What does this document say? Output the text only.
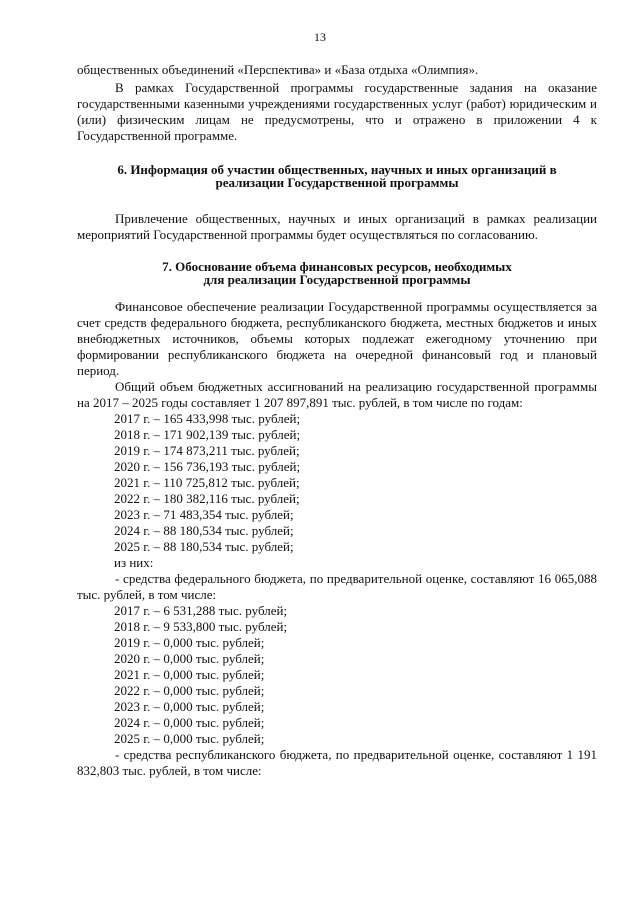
13

общественных объединений «Перспектива» и «База отдыха «Олимпия».

В рамках Государственной программы государственные задания на оказание государственными казенными учреждениями государственных услуг (работ) юридическим и (или) физическим лицам не предусмотрены, что и отражено в приложении 4 к Государственной программе.

6. Информация об участии общественных, научных и иных организаций в

реализации Государственной программы

Привлечение общественных, научных и иных организаций в рамках реализации мероприятий Государственной программы будет осуществляться по согласованию.

7. Обоснование объема финансовых ресурсов, необходимых

для реализации Государственной программы

Финансовое обеспечение реализации Государственной программы осуществляется за счет средств федерального бюджета, республиканского бюджета, местных бюджетов и иных внебюджетных источников, объемы которых подлежат ежегодному уточнению при формировании республиканского бюджета на очередной финансовый год и плановый период.

Общий объем бюджетных ассигнований на реализацию государственной программы на 2017 – 2025 годы составляет 1 207 897,891 тыс. рублей, в том числе по годам:

2017 г. – 165 433,998 тыс. рублей;

2018 г. – 171 902,139 тыс. рублей;

2019 г. – 174 873,211 тыс. рублей;

2020 г. – 156 736,193 тыс. рублей;

2021 г. – 110 725,812 тыс. рублей;

2022 г. – 180 382,116 тыс. рублей;

2023 г. – 71 483,354 тыс. рублей;

2024 г. – 88 180,534 тыс. рублей;

2025 г. – 88 180,534 тыс. рублей;

из них:

- средства федерального бюджета, по предварительной оценке, составляют 16 065,088 тыс. рублей, в том числе:

2017 г. – 6 531,288 тыс. рублей;

2018 г. – 9 533,800 тыс. рублей;

2019 г. – 0,000 тыс. рублей;

2020 г. – 0,000 тыс. рублей;

2021 г. – 0,000 тыс. рублей;

2022 г. – 0,000 тыс. рублей;

2023 г. – 0,000 тыс. рублей;

2024 г. – 0,000 тыс. рублей;

2025 г. – 0,000 тыс. рублей;

- средства республиканского бюджета, по предварительной оценке, составляют 1 191 832,803 тыс. рублей, в том числе:
